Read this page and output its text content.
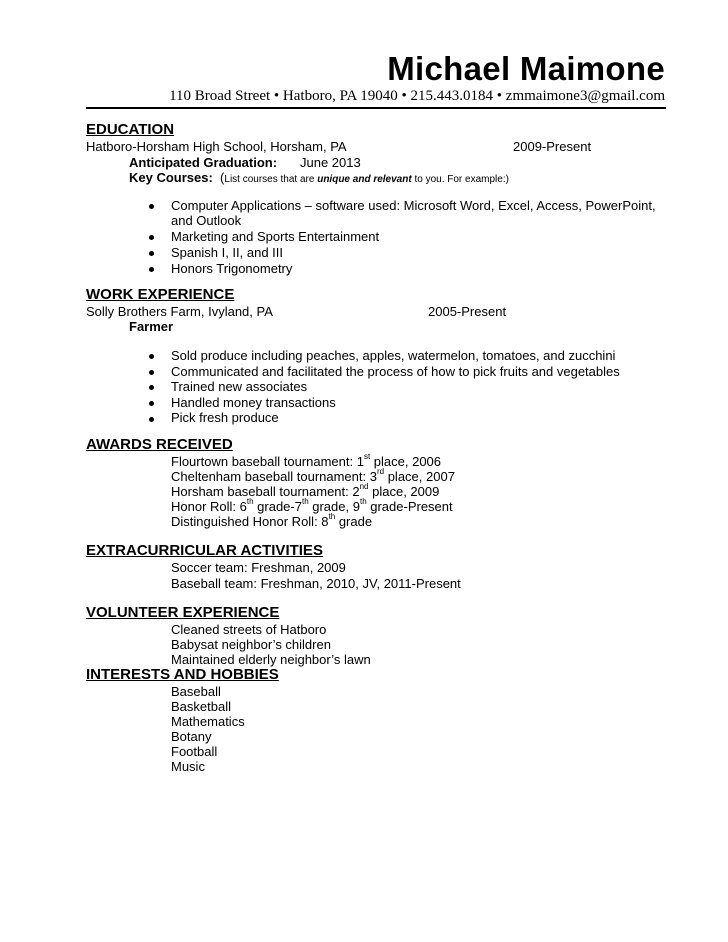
Michael Maimone
110 Broad Street • Hatboro, PA 19040 • 215.443.0184 • zmmaimone3@gmail.com
EDUCATION
Hatboro-Horsham High School, Horsham, PA	2009-Present
Anticipated Graduation: June 2013
Key Courses: (List courses that are unique and relevant to you. For example:)
Computer Applications – software used: Microsoft Word, Excel, Access, PowerPoint,
and Outlook
Marketing and Sports Entertainment
Spanish I, II, and III
Honors Trigonometry
WORK EXPERIENCE
Solly Brothers Farm, Ivyland, PA	2005-Present
Farmer
Sold produce including peaches, apples, watermelon, tomatoes, and zucchini
Communicated and facilitated the process of how to pick fruits and vegetables
Trained new associates
Handled money transactions
Pick fresh produce
AWARDS RECEIVED
Flourtown baseball tournament: 1st place, 2006
Cheltenham baseball tournament: 3rd place, 2007
Horsham baseball tournament: 2nd place, 2009
Honor Roll: 6th grade-7th grade, 9th grade-Present
Distinguished Honor Roll: 8th grade
EXTRACURRICULAR ACTIVITIES
Soccer team: Freshman, 2009
Baseball team: Freshman, 2010, JV, 2011-Present
VOLUNTEER EXPERIENCE
Cleaned streets of Hatboro
Babysat neighbor’s children
Maintained elderly neighbor’s lawn
INTERESTS AND HOBBIES
Baseball
Basketball
Mathematics
Botany
Football
Music
